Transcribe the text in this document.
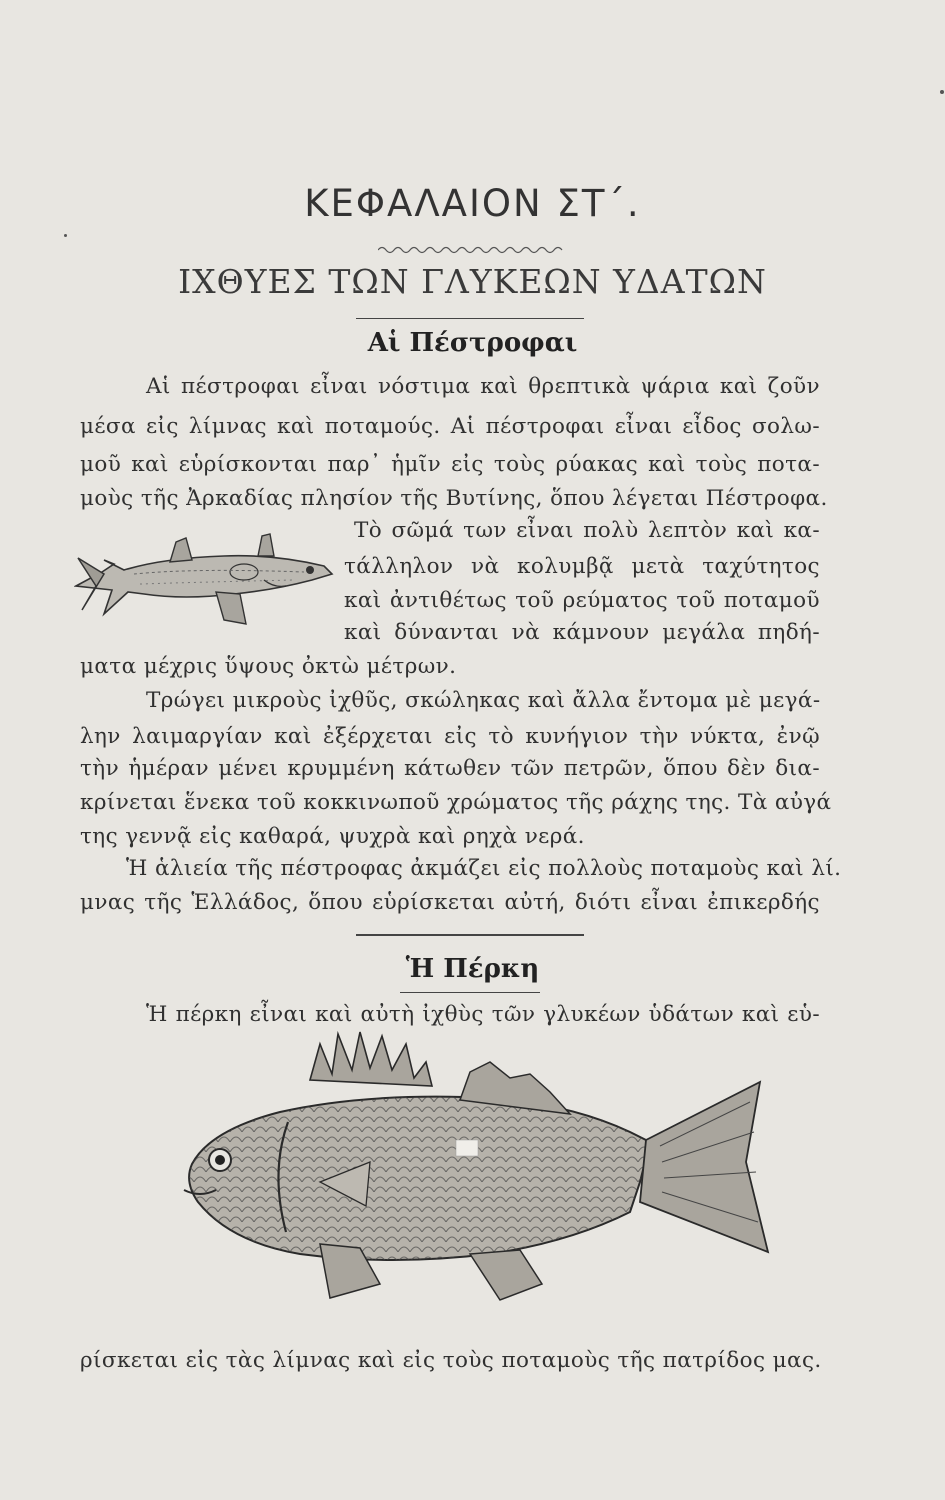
ΚΕΦΑΛΑΙΟΝ ΣΤ΄.
ΙΧΘΥΕΣ ΤΩΝ ΓΛΥΚΕΩΝ ΥΔΑΤΩΝ
Αἱ Πέστροφαι
Αἱ πέστροφαι εἶναι νόστιμα καὶ θρεπτικὰ ψάρια καὶ ζοῦν
μέσα εἰς λίμνας καὶ ποταμούς. Αἱ πέστροφαι εἶναι εἶδος σολω-
μοῦ καὶ εὑρίσκονται παρ᾽ ἡμῖν εἰς τοὺς ρύακας καὶ τοὺς ποτα-
μοὺς τῆς Ἀρκαδίας πλησίον τῆς Βυτίνης, ὅπου λέγεται Πέστροφα.
Τὸ σῶμά των εἶναι πολὺ λεπτὸν καὶ κα-
τάλληλον νὰ κολυμβᾷ μετὰ ταχύτητος
καὶ ἀντιθέτως τοῦ ρεύματος τοῦ ποταμοῦ
καὶ δύνανται νὰ κάμνουν μεγάλα πηδή-
ματα μέχρις ὕψους ὀκτὼ μέτρων.
Τρώγει μικροὺς ἰχθῦς, σκώληκας καὶ ἄλλα ἔντομα μὲ μεγά-
λην λαιμαργίαν καὶ ἐξέρχεται εἰς τὸ κυνήγιον τὴν νύκτα, ἐνῷ
τὴν ἡμέραν μένει κρυμμένη κάτωθεν τῶν πετρῶν, ὅπου δὲν δια-
κρίνεται ἕνεκα τοῦ κοκκινωποῦ χρώματος τῆς ράχης της. Τὰ αὐγά
της γεννᾷ εἰς καθαρά, ψυχρὰ καὶ ρηχὰ νερά.
Ἡ ἁλιεία τῆς πέστροφας ἀκμάζει εἰς πολλοὺς ποταμοὺς καὶ λί.
μνας τῆς Ἑλλάδος, ὅπου εὑρίσκεται αὐτή, διότι εἶναι ἐπικερδής
Ἡ Πέρκη
Ἡ πέρκη εἶναι καὶ αὐτὴ ἰχθὺς τῶν γλυκέων ὑδάτων καὶ εὑ-
ρίσκεται εἰς τὰς λίμνας καὶ εἰς τοὺς ποταμοὺς τῆς πατρίδος μας.
